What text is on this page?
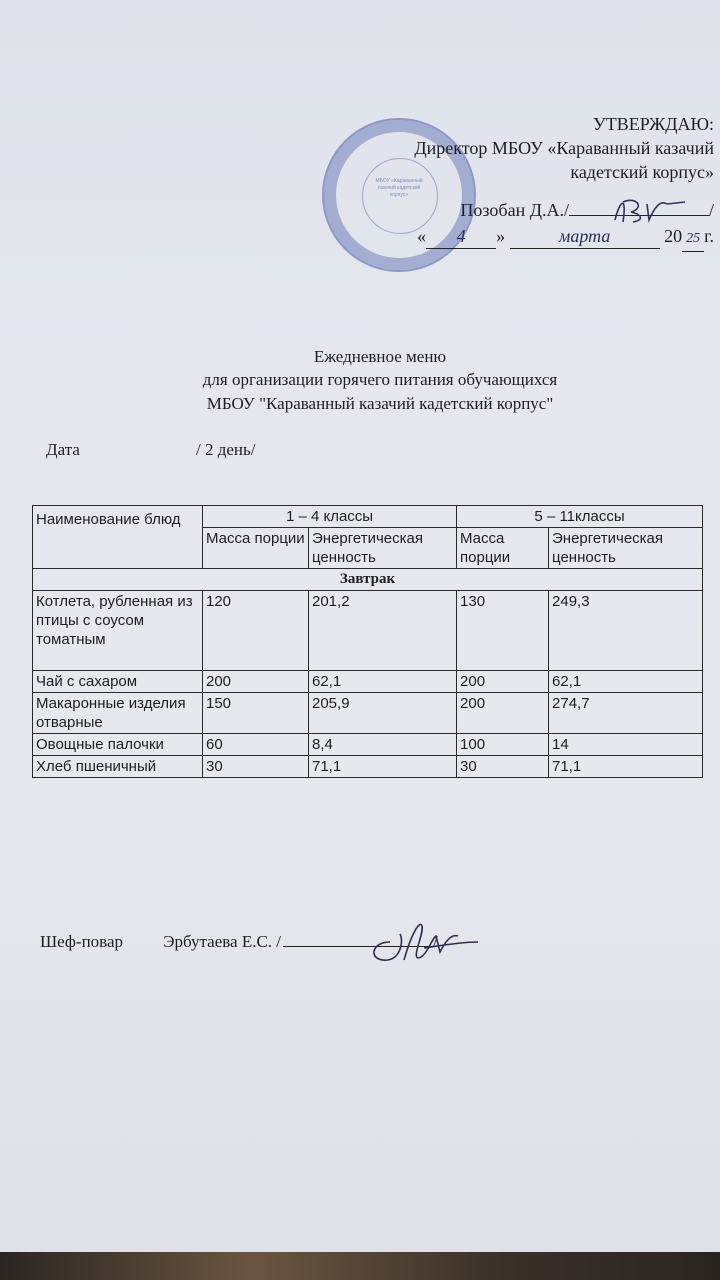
МБОУ «Караванный казачий кадетский корпус»
УТВЕРЖДАЮ:
Директор МБОУ «Караванный казачий
кадетский корпус»
Позобан Д.А./	/
« 4 »	марта	20 25 г.
Ежедневное меню
для организации горячего питания обучающихся
МБОУ "Караванный казачий кадетский корпус"
Дата	/ 2 день/
Наименование блюд	1 – 4 классы		5 – 11классы	
	Масса порции	Энергетическая ценность	Масса порции	Энергетическая ценность
Завтрак				
Котлета, рубленная из птицы с соусом томатным	120	201,2	130	249,3
Чай с сахаром	200	62,1	200	62,1
Макаронные изделия отварные	150	205,9	200	274,7
Овощные палочки	60	8,4	100	14
Хлеб пшеничный	30	71,1	30	71,1
Шеф-повар Эрбутаева Е.С. /	/
